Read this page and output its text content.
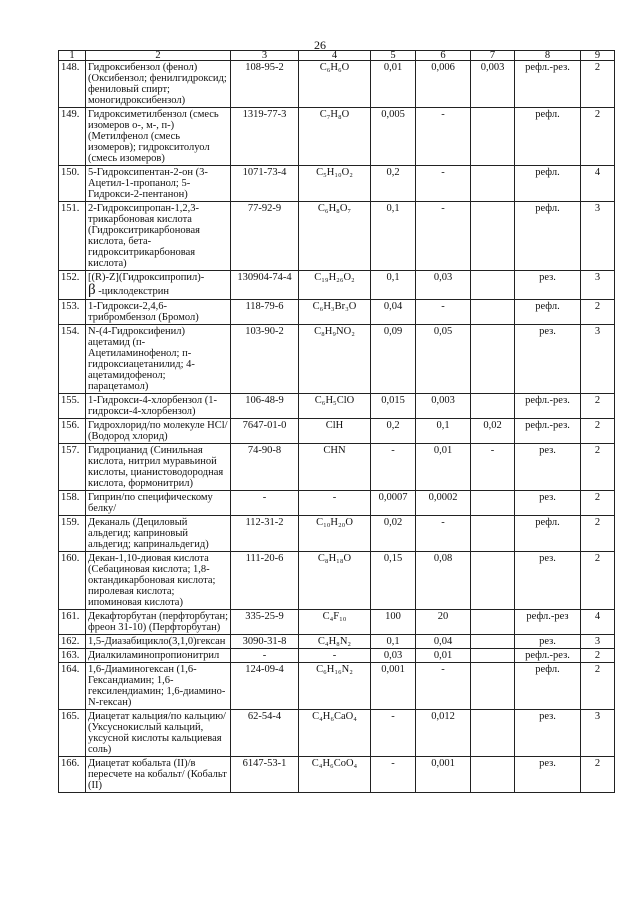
26
1	2	3	4	5	6	7	8	9
148.	Гидроксибензол (фенол) (Оксибензол; фенилгидроксид; фениловый спирт; моногидроксибензол)	108-95-2	C₆H₆O	0,01	0,006	0,003	рефл.-рез.	2
149.	Гидроксиметилбензол (смесь изомеров о-, м-, п-) (Метилфенол (смесь изомеров); гидрокситолуол (смесь изомеров)	1319-77-3	C₇H₈O	0,005	-		рефл.	2
150.	5-Гидроксипентан-2-он (3-Ацетил-1-пропанол; 5-Гидрокси-2-пентанон)	1071-73-4	C₅H₁₀O₂	0,2	-		рефл.	4
151.	2-Гидроксипропан-1,2,3-трикарбоновая кислота (Гидрокситрикарбоновая кислота, бета-гидрокситрикарбоновая кислота)	77-92-9	C₆H₈O₇	0,1	-		рефл.	3
152.	[(R)-Z](Гидроксипропил)-
β -циклодекстрин	130904-74-4	C₁₉H₂₆O₂	0,1	0,03		рез.	3
153.	1-Гидрокси-2,4,6-трибромбензол (Бромол)	118-79-6	C₆H₃Br₃O	0,04	-		рефл.	2
154.	N-(4-Гидроксифенил) ацетамид (п-Ацетиламинофенол; п-гидроксиацетанилид; 4-ацетамидофенол; парацетамол)	103-90-2	C₈H₉NO₂	0,09	0,05		рез.	3
155.	1-Гидрокси-4-хлорбензол (1-гидрокси-4-хлорбензол)	106-48-9	C₆H₅ClO	0,015	0,003		рефл.-рез.	2
156.	Гидрохлорид/по молекуле HCl/ (Водород хлорид)	7647-01-0	ClH	0,2	0,1	0,02	рефл.-рез.	2
157.	Гидроцианид (Синильная кислота, нитрил муравьиной кислоты, цианистоводородная кислота, формонитрил)	74-90-8	CHN	-	0,01	-	рез.	2
158.	Гиприн/по специфическому белку/	-	-	0,0007	0,0002		рез.	2
159.	Деканаль (Дециловый альдегид; каприновый альдегид; капринальдегид)	112-31-2	C₁₀H₂₀O	0,02	-		рефл.	2
160.	Декан-1,10-диовая кислота (Себациновая кислота; 1,8-октандикарбоновая кислота; пиролевая кислота; ипоминовая кислота)	111-20-6	C₈H₁₈O	0,15	0,08		рез.	2
161.	Декафторбутан (перфторбутан; фреон 31-10) (Перфторбутан)	335-25-9	C₄F₁₀	100	20		рефл.-рез	4
162.	1,5-Диазабицикло(3,1,0)гексан	3090-31-8	C₄H₈N₂	0,1	0,04		рез.	3
163.	Диалкиламинопропионитрил	-	-	0,03	0,01		рефл.-рез.	2
164.	1,6-Диаминогексан (1,6-Гександиамин; 1,6-гексилендиамин; 1,6-диамино-N-гексан)	124-09-4	C₆H₁₆N₂	0,001	-		рефл.	2
165.	Диацетат кальция/по кальцию/ (Уксуснокислый кальций, уксусной кислоты кальциевая соль)	62-54-4	C₄H₆CaO₄	-	0,012		рез.	3
166.	Диацетат кобальта (II)/в пересчете на кобальт/ (Кобальт (II)	6147-53-1	C₄H₆CoO₄	-	0,001		рез.	2
